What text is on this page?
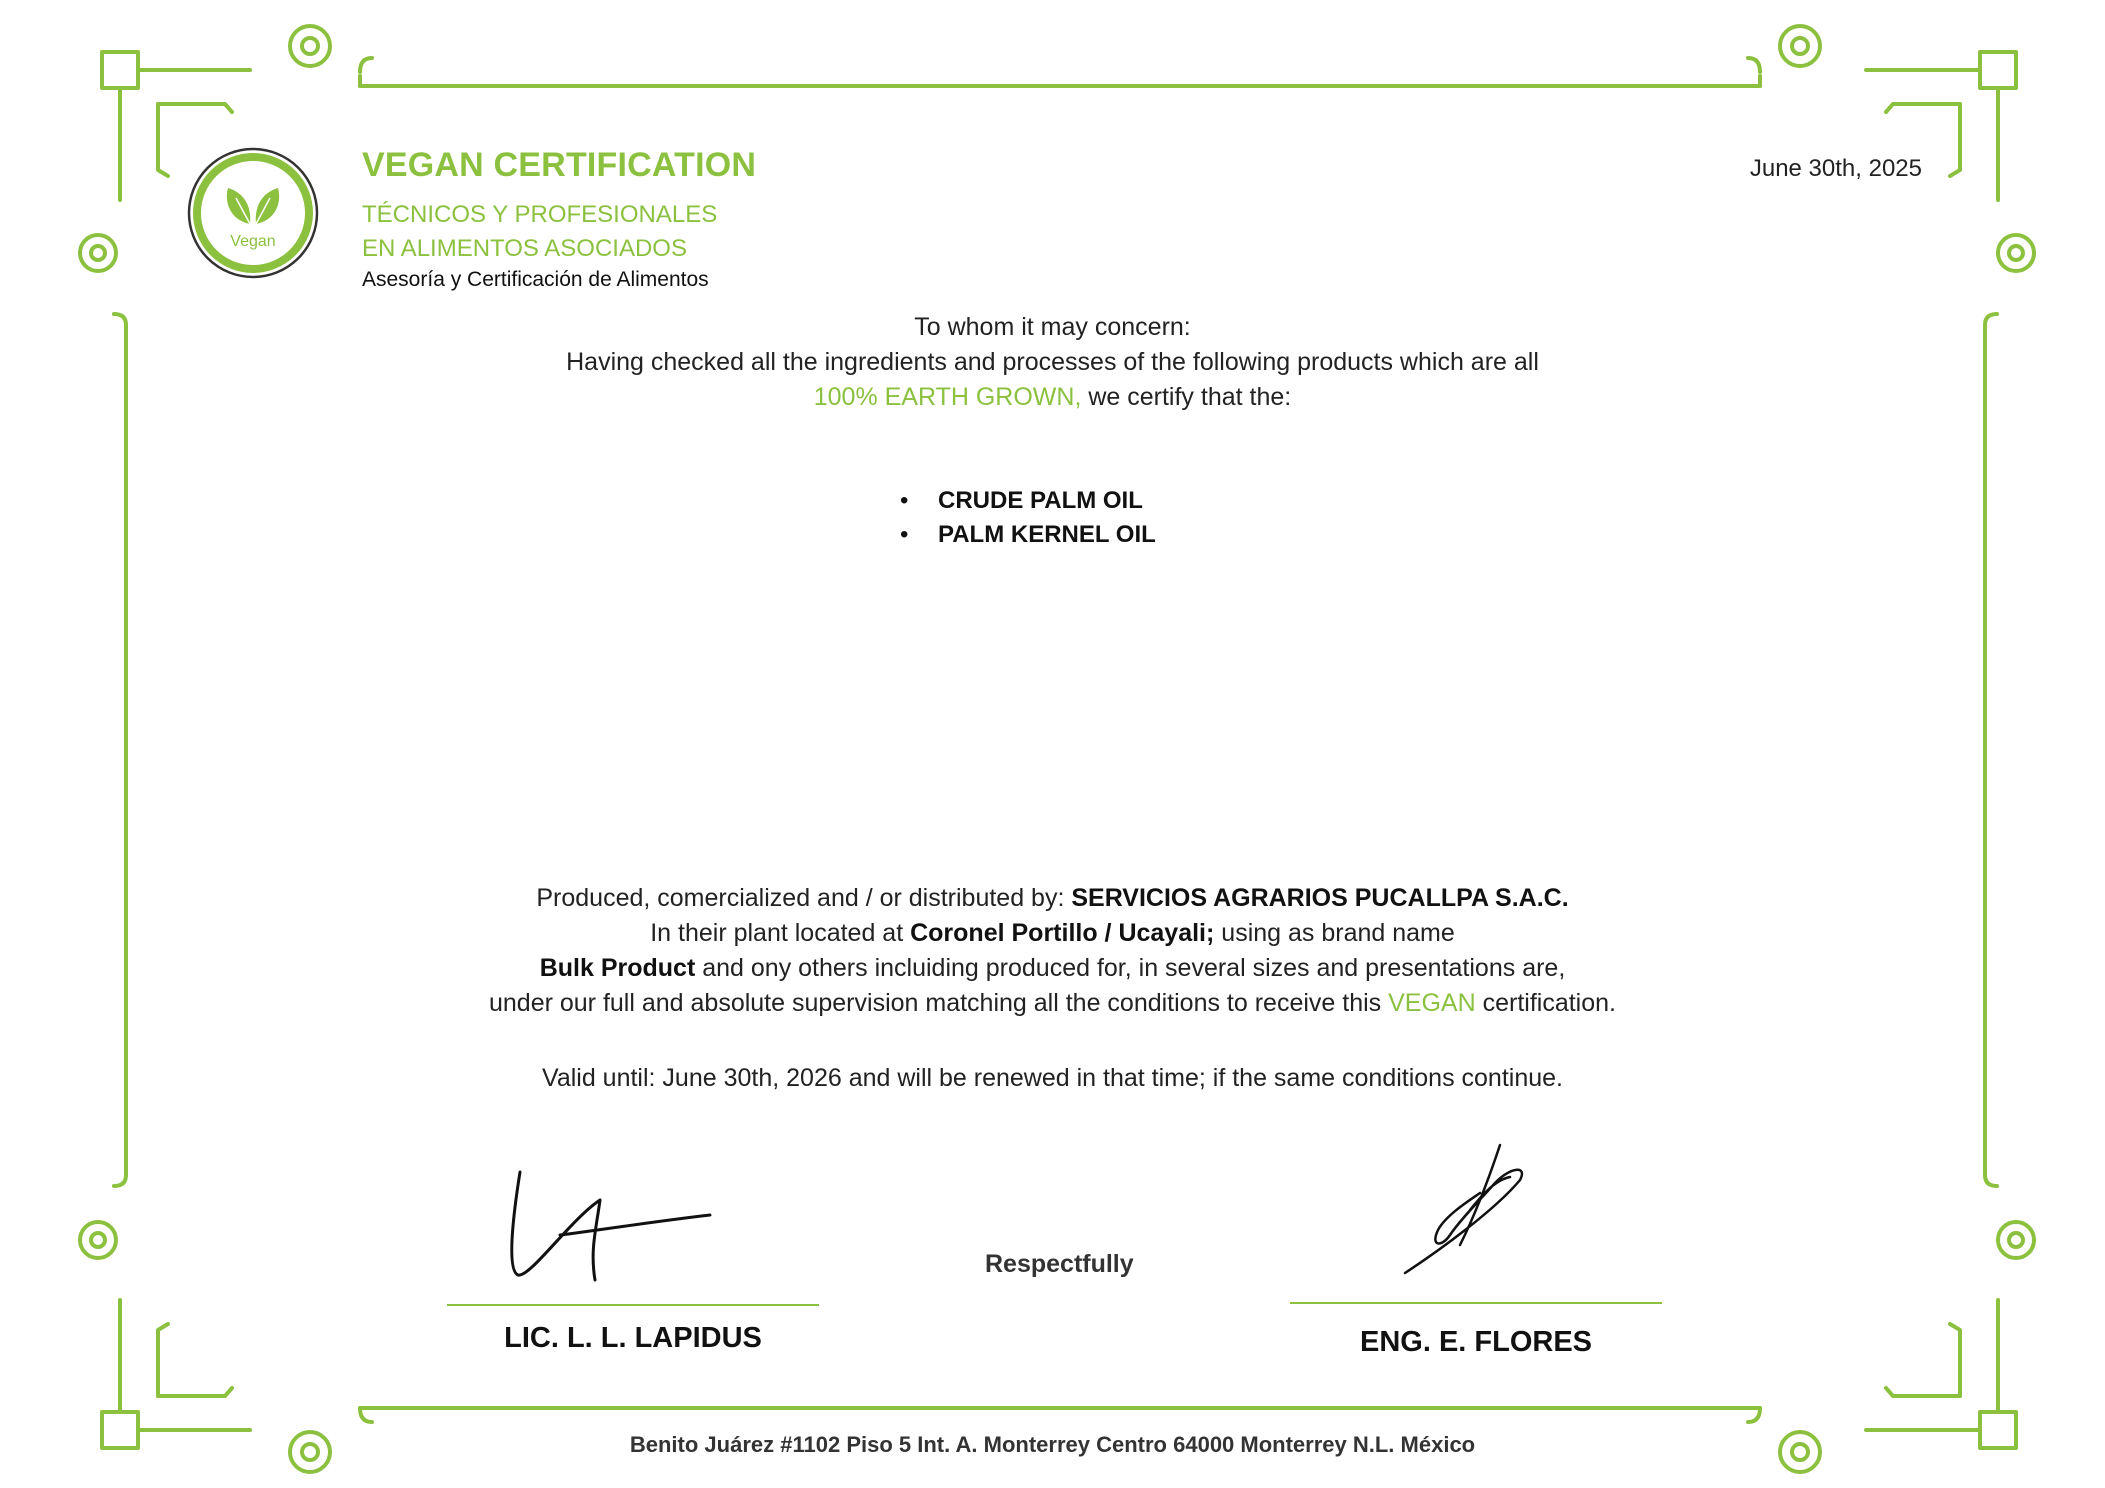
Vegan
VEGAN CERTIFICATION
TÉCNICOS Y PROFESIONALES
EN ALIMENTOS ASOCIADOS
Asesoría y Certificación de Alimentos
June 30th, 2025
To whom it may concern:
Having checked all the ingredients and processes of the following products which are all
100% EARTH GROWN, we certify that the:
• CRUDE PALM OIL
• PALM KERNEL OIL
Produced, comercialized and / or distributed by: SERVICIOS AGRARIOS PUCALLPA S.A.C.
In their plant located at Coronel Portillo / Ucayali; using as brand name
Bulk Product and ony others incluiding produced for, in several sizes and presentations are,
under our full and absolute supervision matching all the conditions to receive this VEGAN certification.
Valid until: June 30th, 2026 and will be renewed in that time; if the same conditions continue.
Respectfully
LIC. L. L. LAPIDUS	ENG. E. FLORES
Benito Juárez #1102 Piso 5 Int. A. Monterrey Centro 64000 Monterrey N.L. México
